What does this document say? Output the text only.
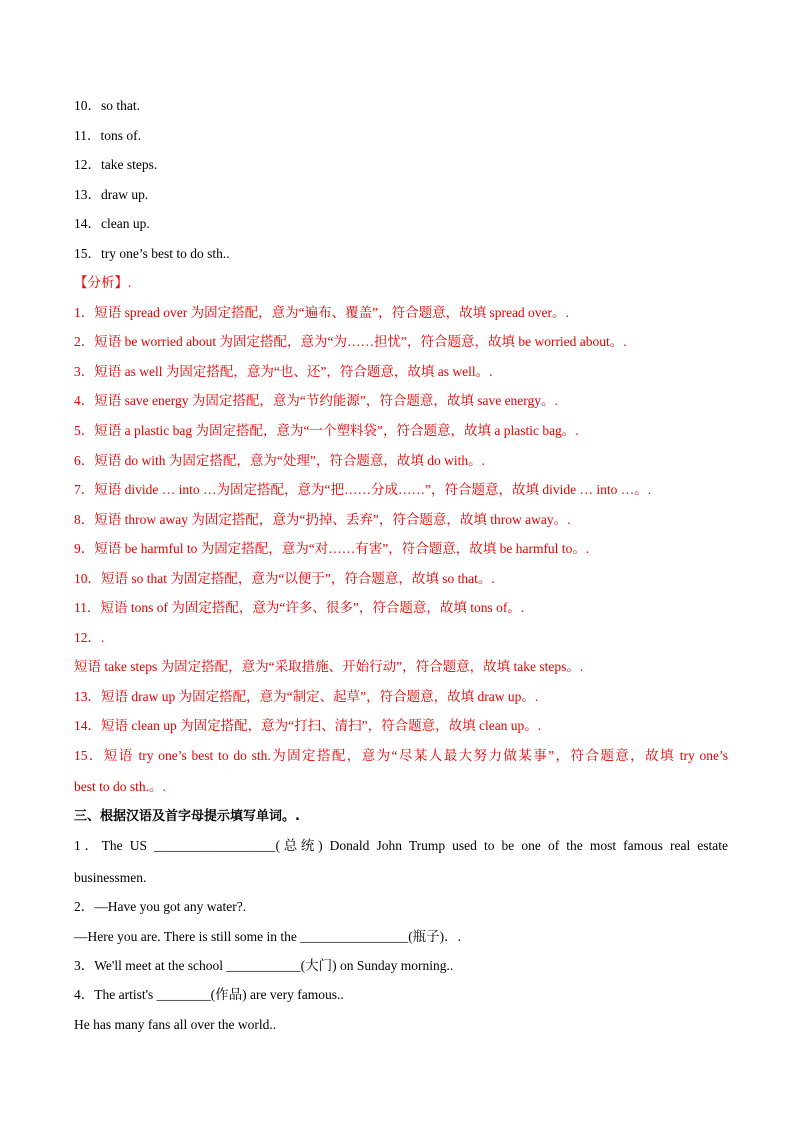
10．so that.
11．tons of.
12．take steps.
13．draw up.
14．clean up.
15．try one’s best to do sth..
【分析】.
1．短语 spread over 为固定搭配，意为“遍布、覆盖”，符合题意，故填 spread over。.
2．短语 be worried about 为固定搭配，意为“为……担忧”，符合题意，故填 be worried about。.
3．短语 as well 为固定搭配，意为“也、还”，符合题意，故填 as well。.
4．短语 save energy 为固定搭配，意为“节约能源”，符合题意，故填 save energy。.
5．短语 a plastic bag 为固定搭配，意为“一个塑料袋”，符合题意，故填 a plastic bag。.
6．短语 do with 为固定搭配，意为“处理”，符合题意，故填 do with。.
7．短语 divide … into …为固定搭配，意为“把……分成……”，符合题意，故填 divide … into …。.
8．短语 throw away 为固定搭配，意为“扔掉、丢弃”，符合题意，故填 throw away。.
9．短语 be harmful to 为固定搭配，意为“对……有害”，符合题意，故填 be harmful to。.
10．短语 so that 为固定搭配，意为“以便于”，符合题意，故填 so that。.
11．短语 tons of 为固定搭配，意为“许多、很多”，符合题意，故填 tons of。.
12．.
短语 take steps 为固定搭配，意为“采取措施、开始行动”，符合题意，故填 take steps。.
13．短语 draw up 为固定搭配，意为“制定、起草”，符合题意，故填 draw up。.
14．短语 clean up 为固定搭配，意为“打扫、清扫”，符合题意，故填 clean up。.
15．短语 try one’s best to do sth.为固定搭配，意为“尽某人最大努力做某事”，符合题意，故填 try one’s
best to do sth.。.
三、根据汉语及首字母提示填写单词。.
1．The US __________________(总统) Donald John Trump used to be one of the most famous real estate
businessmen.
2．—Have you got any water?.
—Here you are. There is still some in the ________________(瓶子)．.
3．We'll meet at the school ___________(大门) on Sunday morning..
4．The artist's ________(作品) are very famous..
He has many fans all over the world..
